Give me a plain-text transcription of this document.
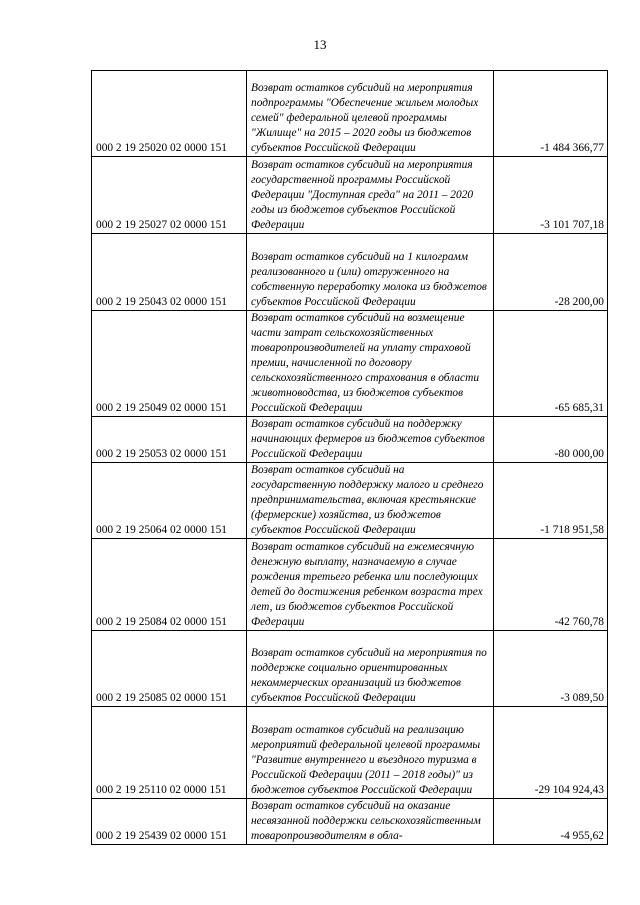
13
000 2 19 25020 02 0000 151	Возврат остатков субсидий на мероприятия подпрограммы "Обеспечение жильем молодых семей" федеральной целевой программы "Жилище" на 2015 – 2020 годы из бюджетов субъектов Российской Федерации	-1 484 366,77
000 2 19 25027 02 0000 151	Возврат остатков субсидий на мероприятия государственной программы Российской Федерации "Доступная среда" на 2011 – 2020 годы из бюджетов субъектов Российской Федерации	-3 101 707,18
000 2 19 25043 02 0000 151	Возврат остатков субсидий на 1 килограмм реализованного и (или) отгруженного на собственную переработку молока из бюджетов субъектов Российской Федерации	-28 200,00
000 2 19 25049 02 0000 151	Возврат остатков субсидий на возмещение части затрат сельскохозяйственных товаропроизводителей на уплату страховой премии, начисленной по договору сельскохозяйственного страхования в области животноводства, из бюджетов субъектов Российской Федерации	-65 685,31
000 2 19 25053 02 0000 151	Возврат остатков субсидий на поддержку начинающих фермеров из бюджетов субъектов Российской Федерации	-80 000,00
000 2 19 25064 02 0000 151	Возврат остатков субсидий на государственную поддержку малого и среднего предпринимательства, включая крестьянские (фермерские) хозяйства, из бюджетов субъектов Российской Федерации	-1 718 951,58
000 2 19 25084 02 0000 151	Возврат остатков субсидий на ежемесячную денежную выплату, назначаемую в случае рождения третьего ребенка или последующих детей до достижения ребенком возраста трех лет, из бюджетов субъектов Российской Федерации	-42 760,78
000 2 19 25085 02 0000 151	Возврат остатков субсидий на мероприятия по поддержке социально ориентированных некоммерческих организаций из бюджетов субъектов Российской Федерации	-3 089,50
000 2 19 25110 02 0000 151	Возврат остатков субсидий на реализацию мероприятий федеральной целевой программы "Развитие внутреннего и въездного туризма в Российской Федерации (2011 – 2018 годы)" из бюджетов субъектов Российской Федерации	-29 104 924,43
000 2 19 25439 02 0000 151	Возврат остатков субсидий на оказание несвязанной поддержки сельскохозяйственным товаропроизводителям в обла-	-4 955,62
